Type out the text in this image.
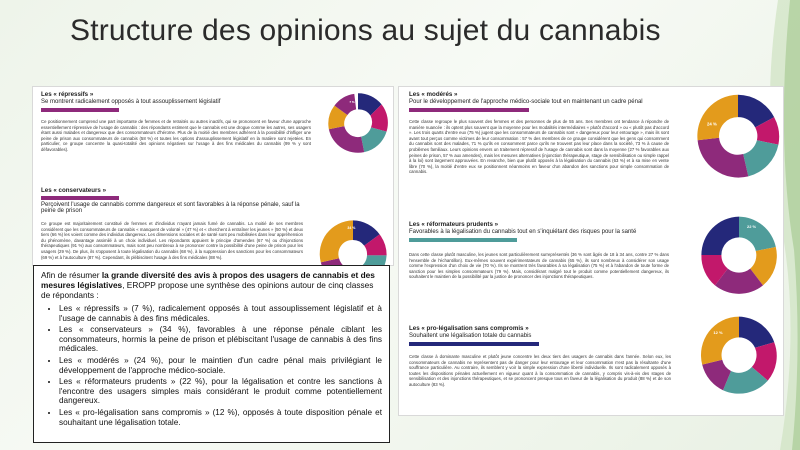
Structure des opinions au sujet du cannabis
Les « répressifs »
Se montrent radicalement opposés à tout assouplissement législatif
Ce positionnement comprend une part importante de femmes et de retraités ou autres inactifs, qui se prononcent en faveur d'une approche essentiellement répressive de l'usage de cannabis : des répondants estiment que le cannabis est une drogue comme les autres, ses usagers étant aussi malades et dangereux que des consommateurs d'héroïne. Plus de la moitié des membres adhèrent à la possibilité d'infliger une peine de prison aux consommateurs de cannabis (58 %) et toutes les options d'assouplissement législatif en la matière sont rejetées. En particulier, ce groupe concentre la quasi-totalité des opinions négatives sur l'usage à des fins médicales du cannabis (99 % y sont défavorables).
7 %
Les « conservateurs »
Perçoivent l'usage de cannabis comme dangereux et sont favorables à la réponse pénale, sauf la peine de prison
Ce groupe est majoritairement constitué de femmes et d'individus n'ayant jamais fumé de cannabis. La moitié de ses membres considèrent que les consommateurs de cannabis « manquent de volonté » (47 %) et « cherchent à entraîner les jeunes » (50 %) et deux tiers (66 %) les voient comme des individus dangereux. Les dimensions sociales et de santé sont peu mobilisées dans leur appréhension du phénomène, davantage assimilé à un choix individuel. Les répondants appuient le principe d'amendes (67 %) ou d'injonctions thérapeutiques (91 %) aux consommateurs, mais sont peu nombreux à se prononcer contre la possibilité d'une peine de prison pour les usagers (29 %). De plus, ils s'opposent à toute légalisation du cannabis (68 %), à la suppression des sanctions pour les consommateurs (69 %) et à l'autoculture (87 %). Cependant, ils plébiscitent l'usage à des fins médicales (88 %).
34 %
Les « modérés »
Pour le développement de l'approche médico-sociale tout en maintenant un cadre pénal
Cette classe regroupe le plus souvent des femmes et des personnes de plus de 55 ans. Ses membres ont tendance à répondre de manière nuancée : ils optent plus souvent que la moyenne pour les modalités intermédiaires « plutôt d'accord » ou « plutôt pas d'accord ». Les trois quarts d'entre eux (75 %) jugent que les consommateurs de cannabis sont « dangereux pour leur entourage », mais ils sont avant tout perçus comme victimes de leur consommation : 57 % des membres de ce groupe considèrent que les gens qui consomment du cannabis sont des malades, 71 % qu'ils en consomment parce qu'ils ne trouvent pas leur place dans la société, 73 % à cause de problèmes familiaux. Leurs opinions envers un traitement répressif de l'usage de cannabis sont dans la moyenne (27 % favorables aux peines de prison, 57 % aux amendes), mais les mesures alternatives (injonction thérapeutique, stage de sensibilisation ou simple rappel à la loi) sont largement approuvées. En revanche, bien que plutôt opposés à la légalisation du cannabis (63 %) et à sa mise en vente libre (70 %), la moitié d'entre eux se positionnent néanmoins en faveur d'un abandon des sanctions pour simple consommation de cannabis.
24 %
Les « réformateurs prudents »
Favorables à la légalisation du cannabis tout en s'inquiétant des risques pour la santé
Dans cette classe plutôt masculine, les jeunes sont particulièrement surreprésentés (36 % sont âgés de 18 à 34 ans, contre 27 % dans l'ensemble de l'échantillon). Eux-mêmes souvent expérimentateurs de cannabis (65 %), ils sont nombreux à considérer son usage comme l'expression d'un choix de vie (70 %). Ils se montrent très favorables à sa légalisation (75 %) et à l'abandon de toute forme de sanction pour les simples consommateurs (79 %). Mais, considérant malgré tout le produit comme potentiellement dangereux, ils souhaitent le maintien de la possibilité par la justice de prononcer des injonctions thérapeutiques.
22 %
Les « pro-légalisation sans compromis »
Souhaitent une légalisation totale du cannabis
Cette classe à dominante masculine et plutôt jeune concentre les deux tiers des usagers de cannabis dans l'année. Selon eux, les consommateurs de cannabis ne représentent pas de danger pour leur entourage et leur consommation n'est pas la résultante d'une souffrance particulière. Au contraire, ils semblent y voir la simple expression d'une liberté individuelle. Ils sont radicalement opposés à toutes les dispositions pénales actuellement en vigueur quant à la consommation de cannabis, y compris vis-à-vis des stages de sensibilisation et des injonctions thérapeutiques, et se prononcent presque tous en faveur de la légalisation du produit (88 %) et de son autoculture (83 %).
12 %
Afin de résumer la grande diversité des avis à propos des usagers de cannabis et des mesures législatives, EROPP propose une synthèse des opinions autour de cinq classes de répondants :
• Les « répressifs » (7 %), radicalement opposés à tout assouplissement législatif et à l'usage de cannabis à des fins médicales.
• Les « conservateurs » (34 %), favorables à une réponse pénale ciblant les consommateurs, hormis la peine de prison et plébiscitant l'usage de cannabis à des fins médicales.
• Les « modérés » (24 %), pour le maintien d'un cadre pénal mais privilégiant le développement de l'approche médico-sociale.
• Les « réformateurs prudents » (22 %), pour la légalisation et contre les sanctions à l'encontre des usagers simples mais considérant le produit comme potentiellement dangereux.
• Les « pro-légalisation sans compromis » (12 %), opposés à toute disposition pénale et souhaitant une légalisation totale.
